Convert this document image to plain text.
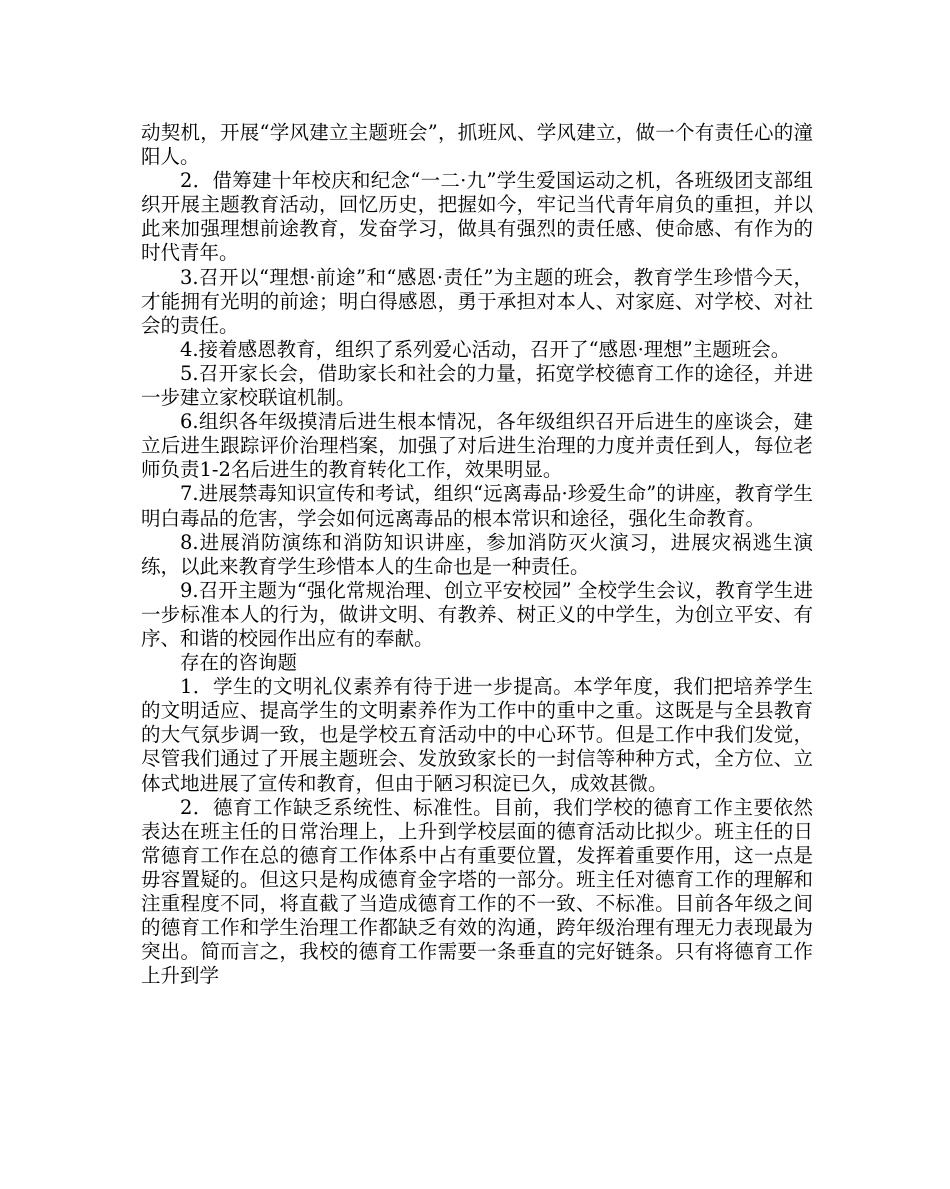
动契机，开展“学风建立主题班会”，抓班风、学风建立，做一个有责任心的潼阳人。

2．借筹建十年校庆和纪念“一二·九”学生爱国运动之机，各班级团支部组织开展主题教育活动，回忆历史，把握如今，牢记当代青年肩负的重担，并以此来加强理想前途教育，发奋学习，做具有强烈的责任感、使命感、有作为的时代青年。

3.召开以“理想·前途”和“感恩·责任”为主题的班会，教育学生珍惜今天，才能拥有光明的前途；明白得感恩，勇于承担对本人、对家庭、对学校、对社会的责任。

4.接着感恩教育，组织了系列爱心活动，召开了“感恩·理想”主题班会。

5.召开家长会，借助家长和社会的力量，拓宽学校德育工作的途径，并进一步建立家校联谊机制。

6.组织各年级摸清后进生根本情况，各年级组织召开后进生的座谈会，建立后进生跟踪评价治理档案，加强了对后进生治理的力度并责任到人，每位老师负责1-2名后进生的教育转化工作，效果明显。

7.进展禁毒知识宣传和考试，组织“远离毒品·珍爱生命”的讲座，教育学生明白毒品的危害，学会如何远离毒品的根本常识和途径，强化生命教育。

8.进展消防演练和消防知识讲座，参加消防灭火演习，进展灾祸逃生演练，以此来教育学生珍惜本人的生命也是一种责任。

9.召开主题为“强化常规治理、创立平安校园” 全校学生会议，教育学生进一步标准本人的行为，做讲文明、有教养、树正义的中学生，为创立平安、有序、和谐的校园作出应有的奉献。

存在的咨询题

1．学生的文明礼仪素养有待于进一步提高。本学年度，我们把培养学生的文明适应、提高学生的文明素养作为工作中的重中之重。这既是与全县教育的大气氛步调一致，也是学校五育活动中的中心环节。但是工作中我们发觉，尽管我们通过了开展主题班会、发放致家长的一封信等种种方式，全方位、立体式地进展了宣传和教育，但由于陋习积淀已久，成效甚微。

2．德育工作缺乏系统性、标准性。目前，我们学校的德育工作主要依然表达在班主任的日常治理上，上升到学校层面的德育活动比拟少。班主任的日常德育工作在总的德育工作体系中占有重要位置，发挥着重要作用，这一点是毋容置疑的。但这只是构成德育金字塔的一部分。班主任对德育工作的理解和注重程度不同，将直截了当造成德育工作的不一致、不标准。目前各年级之间的德育工作和学生治理工作都缺乏有效的沟通，跨年级治理有理无力表现最为突出。简而言之，我校的德育工作需要一条垂直的完好链条。只有将德育工作上升到学
